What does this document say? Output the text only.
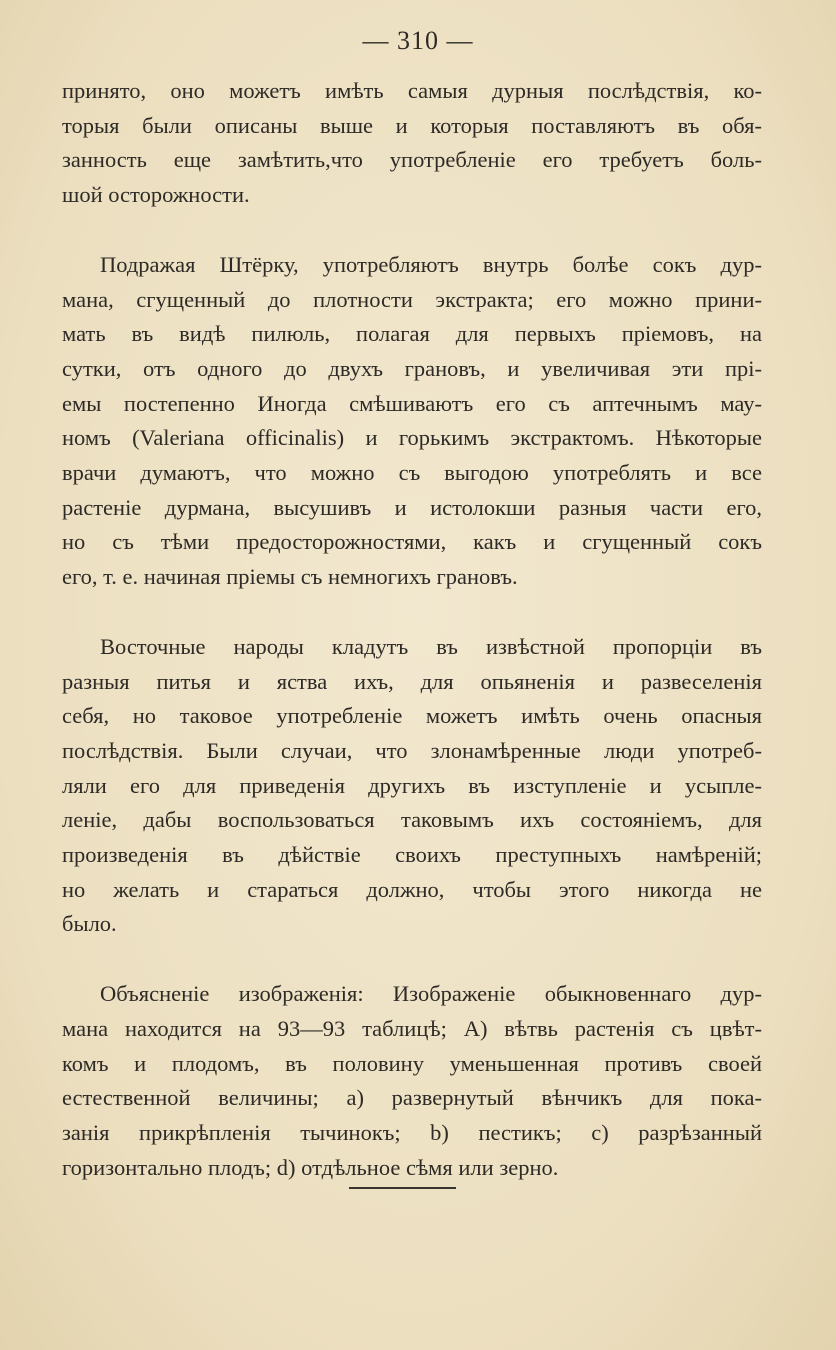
— 310 —

принято, оно можетъ имѣть самыя дурныя послѣдствія, ко-
торыя были описаны выше и которыя поставляютъ въ обя-
занность еще замѣтить,что употребленіе его требуетъ боль-
шой осторожности.

Подражая Штёрку, употребляютъ внутрь болѣе сокъ дур-
мана, сгущенный до плотности экстракта; его можно прини-
мать въ видѣ пилюль, полагая для первыхъ пріемовъ, на
сутки, отъ одного до двухъ грановъ, и увеличивая эти прі-
емы постепенно Иногда смѣшиваютъ его съ аптечнымъ мау-
номъ (Valeriana officinalis) и горькимъ экстрактомъ. Нѣкоторые
врачи думаютъ, что можно съ выгодою употреблять и все
растеніе дурмана, высушивъ и истолокши разныя части его,
но съ тѣми предосторожностями, какъ и сгущенный сокъ
его, т. е. начиная пріемы съ немногихъ грановъ.

Восточные народы кладутъ въ извѣстной пропорціи въ
разныя питья и яства ихъ, для опьяненія и развеселенія
себя, но таковое употребленіе можетъ имѣть очень опасныя
послѣдствія. Были случаи, что злонамѣренные люди употреб-
ляли его для приведенія другихъ въ изступленіе и усыпле-
леніе, дабы воспользоваться таковымъ ихъ состояніемъ, для
произведенія въ дѣйствіе своихъ преступныхъ намѣреній;
но желать и стараться должно, чтобы этого никогда не
было.

Объясненіе изображенія: Изображеніе обыкновеннаго дур-
мана находится на 93—93 таблицѣ; A) вѣтвь растенія съ цвѣт-
комъ и плодомъ, въ половину уменьшенная противъ своей
естественной величины; a) развернутый вѣнчикъ для пока-
занія прикрѣпленія тычинокъ; b) пестикъ; c) разрѣзанный
горизонтально плодъ; d) отдѣльное сѣмя или зерно.
